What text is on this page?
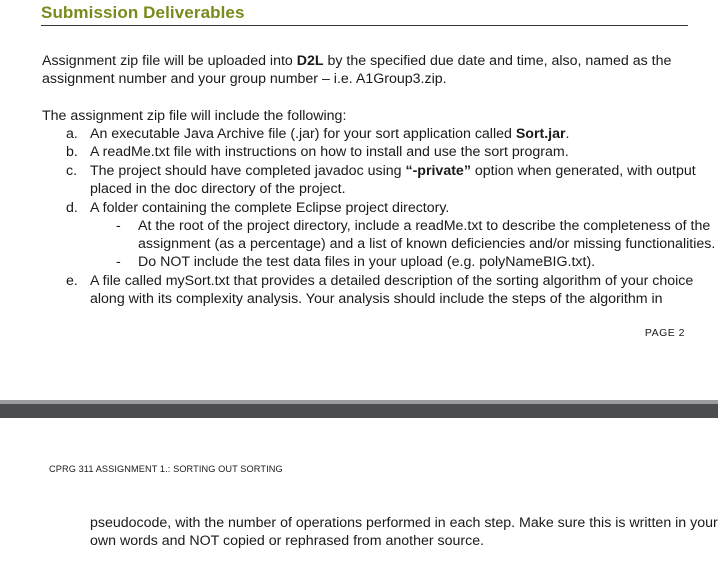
Submission Deliverables
Assignment zip file will be uploaded into D2L by the specified due date and time, also, named as the
assignment number and your group number – i.e. A1Group3.zip.
The assignment zip file will include the following:
a. An executable Java Archive file (.jar) for your sort application called Sort.jar.
b. A readMe.txt file with instructions on how to install and use the sort program.
c. The project should have completed javadoc using “-private” option when generated, with output
placed in the doc directory of the project.
d. A folder containing the complete Eclipse project directory.
- At the root of the project directory, include a readMe.txt to describe the completeness of the
assignment (as a percentage) and a list of known deficiencies and/or missing functionalities.
- Do NOT include the test data files in your upload (e.g. polyNameBIG.txt).
e. A file called mySort.txt that provides a detailed description of the sorting algorithm of your choice
along with its complexity analysis. Your analysis should include the steps of the algorithm in
PAGE 2
CPRG 311 ASSIGNMENT 1.: SORTING OUT SORTING
pseudocode, with the number of operations performed in each step. Make sure this is written in your
own words and NOT copied or rephrased from another source.
